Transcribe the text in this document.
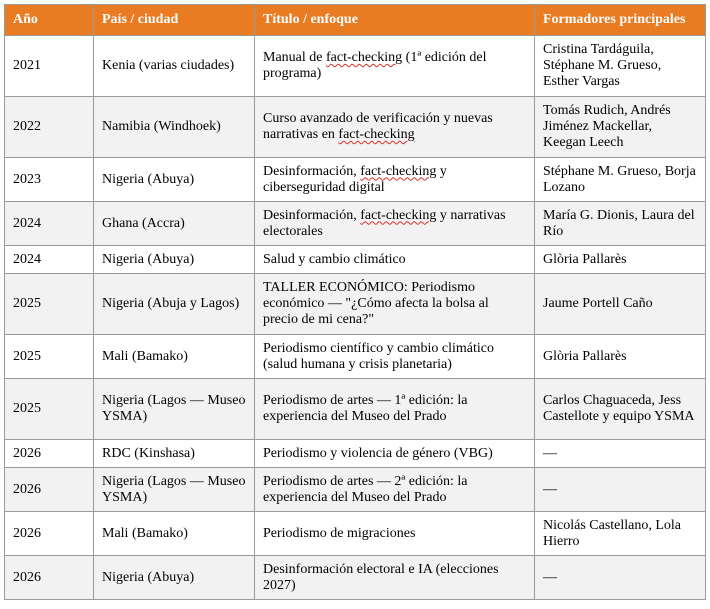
Año	País / ciudad	Título / enfoque	Formadores principales
2021	Kenia (varias ciudades)	Manual de fact-checking (1ª edición del programa)	Cristina Tardáguila, Stéphane M. Grueso, Esther Vargas
2022	Namibia (Windhoek)	Curso avanzado de verificación y nuevas narrativas en fact-checking	Tomás Rudich, Andrés Jiménez Mackellar, Keegan Leech
2023	Nigeria (Abuya)	Desinformación, fact-checking y ciberseguridad digital	Stéphane M. Grueso, Borja Lozano
2024	Ghana (Accra)	Desinformación, fact-checking y narrativas electorales	María G. Dionis, Laura del Río
2024	Nigeria (Abuya)	Salud y cambio climático	Glòria Pallarès
2025	Nigeria (Abuja y Lagos)	TALLER ECONÓMICO: Periodismo económico — "¿Cómo afecta la bolsa al precio de mi cena?"	Jaume Portell Caño
2025	Mali (Bamako)	Periodismo científico y cambio climático (salud humana y crisis planetaria)	Glòria Pallarès
2025	Nigeria (Lagos — Museo YSMA)	Periodismo de artes — 1ª edición: la experiencia del Museo del Prado	Carlos Chaguaceda, Jess Castellote y equipo YSMA
2026	RDC (Kinshasa)	Periodismo y violencia de género (VBG)	—
2026	Nigeria (Lagos — Museo YSMA)	Periodismo de artes — 2ª edición: la experiencia del Museo del Prado	—
2026	Mali (Bamako)	Periodismo de migraciones	Nicolás Castellano, Lola Hierro
2026	Nigeria (Abuya)	Desinformación electoral e IA (elecciones 2027)	—
